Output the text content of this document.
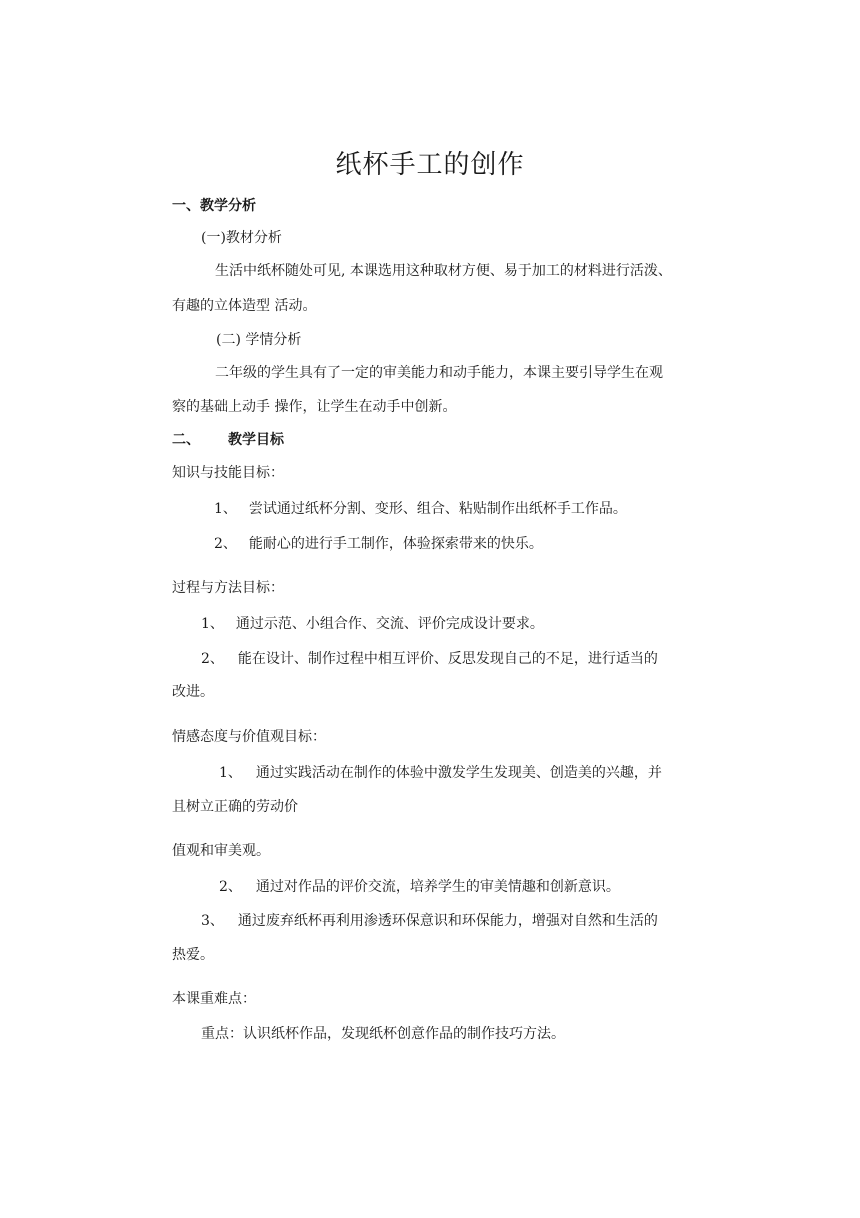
纸杯手工的创作

一、教学分析

(一)教材分析

生活中纸杯随处可见, 本课选用这种取材方便、易于加工的材料进行活泼、

有趣的立体造型 活动。

(二) 学情分析

二年级的学生具有了一定的审美能力和动手能力，本课主要引导学生在观

察的基础上动手 操作，让学生在动手中创新。

二、 教学目标

知识与技能目标：

1、 尝试通过纸杯分割、变形、组合、粘贴制作出纸杯手工作品。

2、 能耐心的进行手工制作，体验探索带来的快乐。

过程与方法目标：

1、 通过示范、小组合作、交流、评价完成设计要求。

2、 能在设计、制作过程中相互评价、反思发现自己的不足，进行适当的

改进。

情感态度与价值观目标：

1、 通过实践活动在制作的体验中激发学生发现美、创造美的兴趣，并

且树立正确的劳动价

值观和审美观。

2、 通过对作品的评价交流，培养学生的审美情趣和创新意识。

3、 通过废弃纸杯再利用渗透环保意识和环保能力，增强对自然和生活的

热爱。

本课重难点：

重点：认识纸杯作品，发现纸杯创意作品的制作技巧方法。
